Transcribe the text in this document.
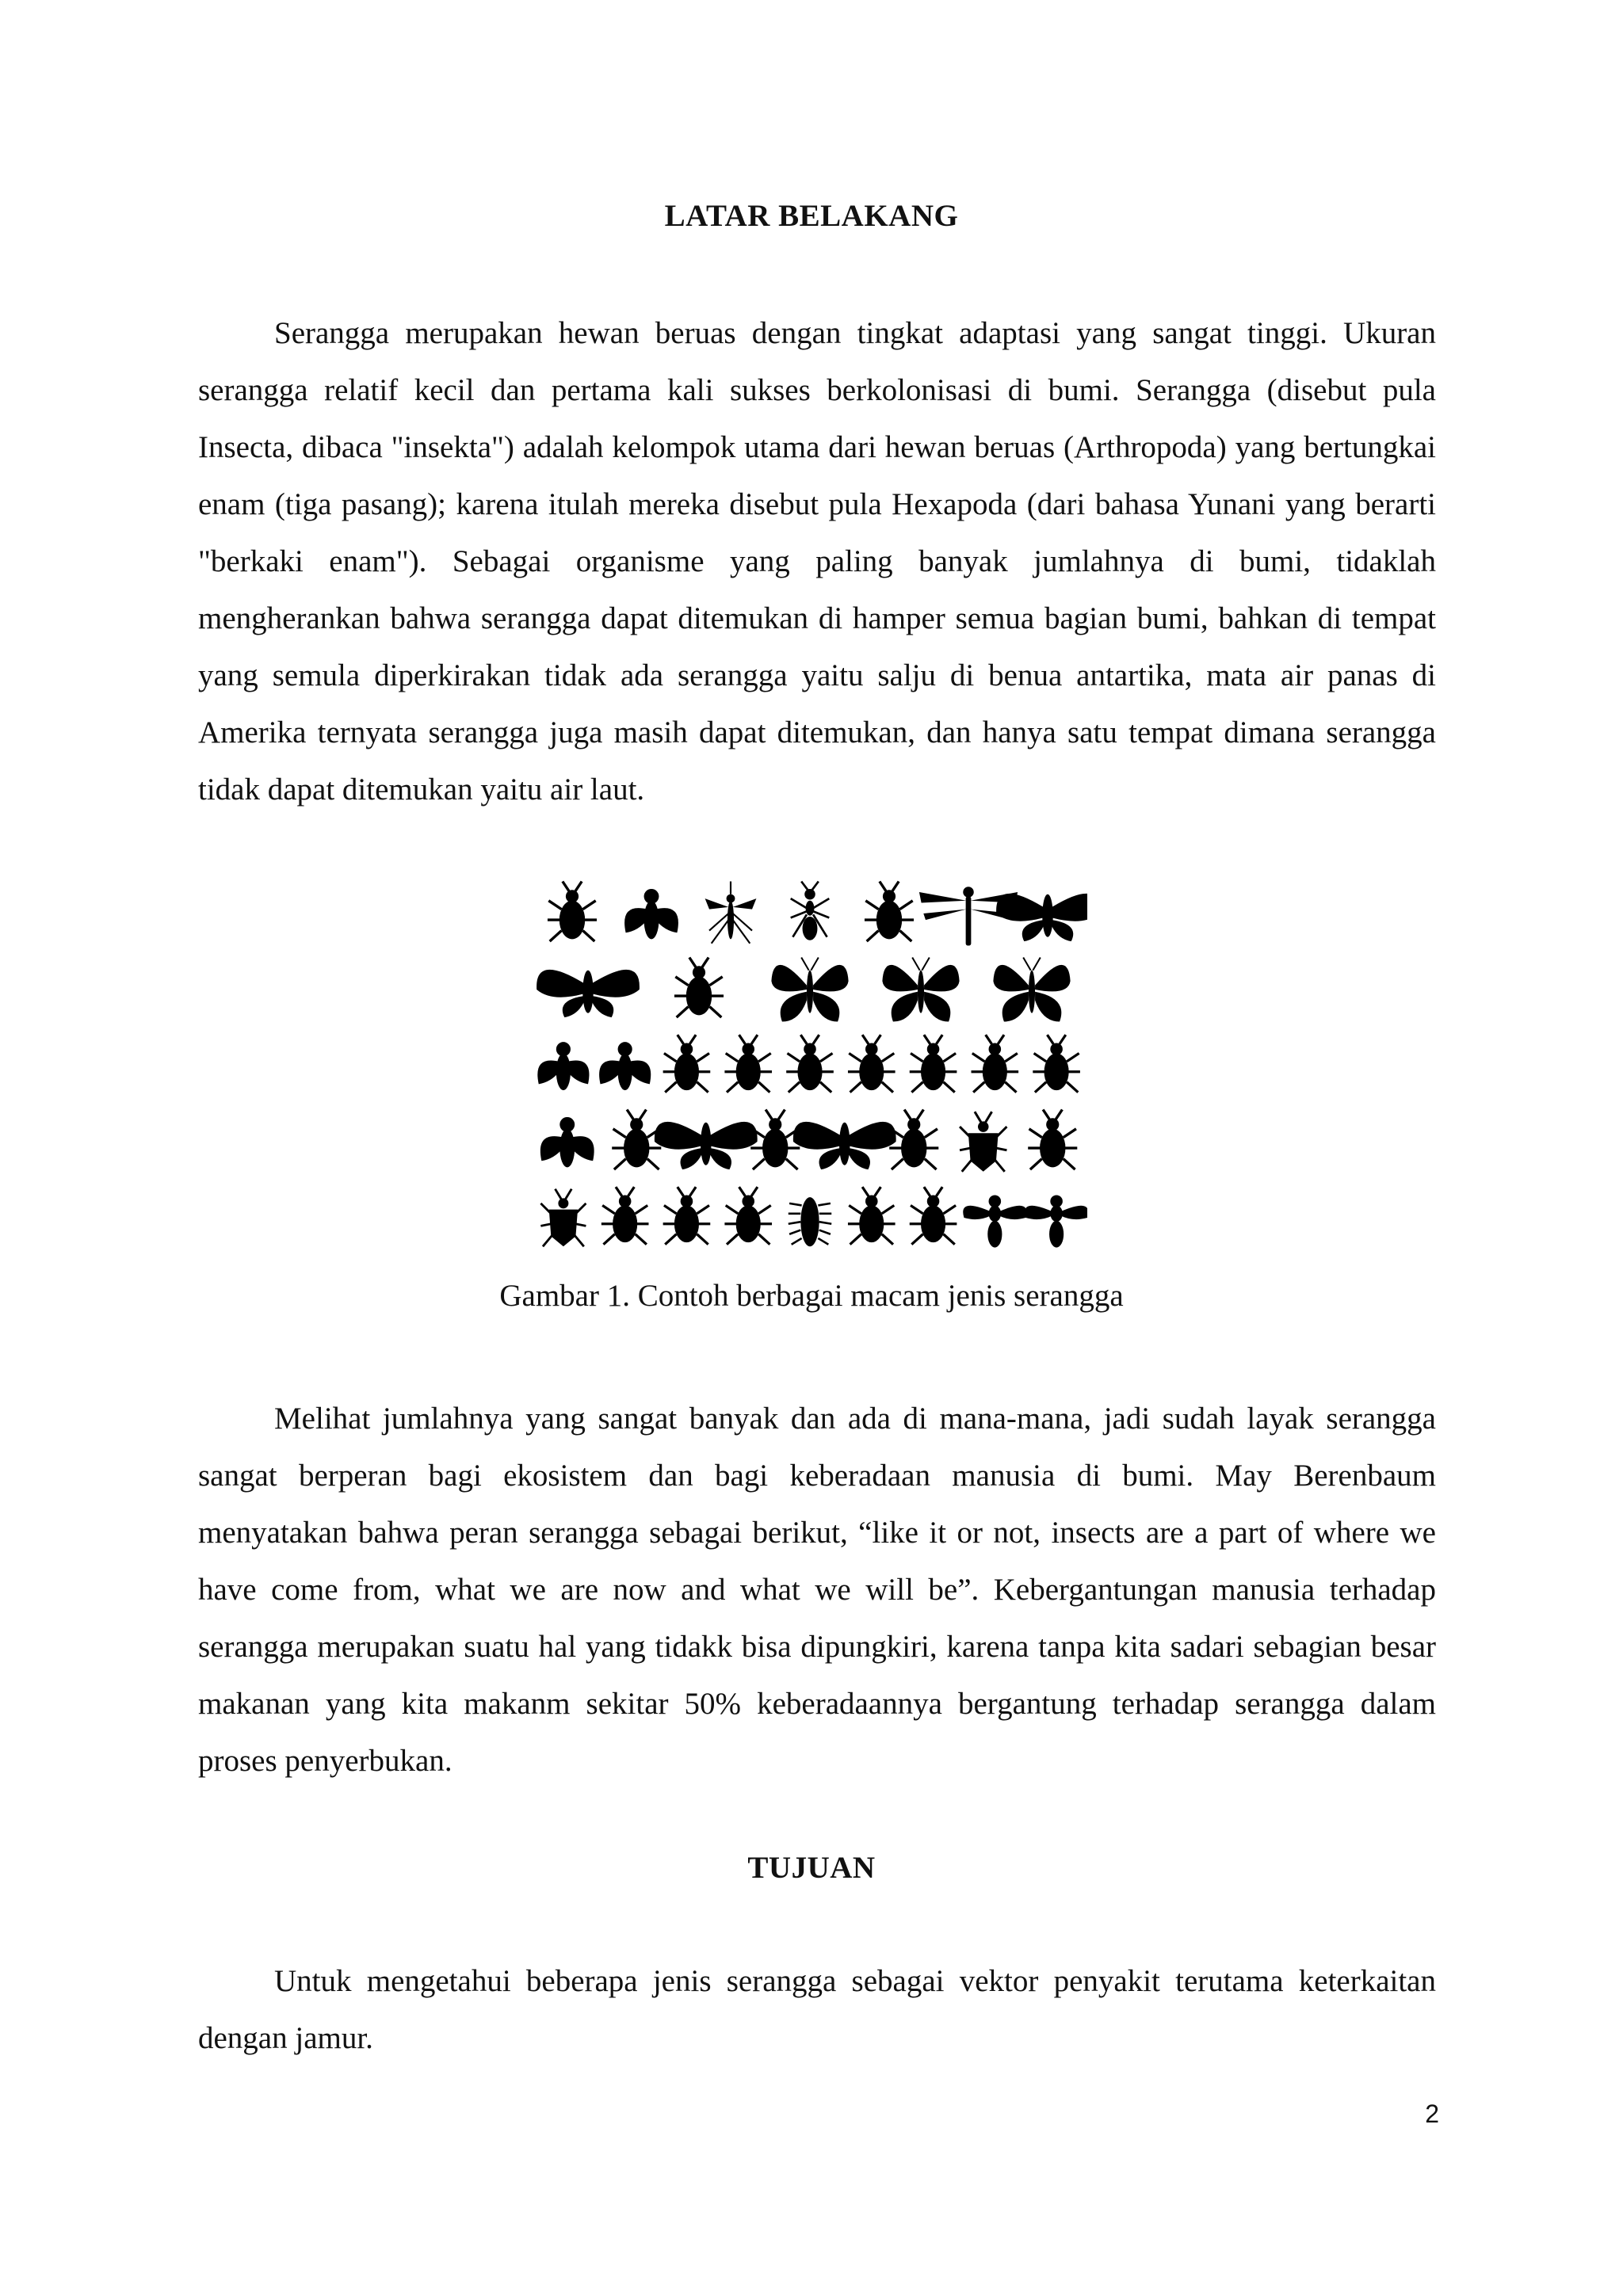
LATAR BELAKANG

Serangga merupakan hewan beruas dengan tingkat adaptasi yang sangat tinggi. Ukuran serangga relatif kecil dan pertama kali sukses berkolonisasi di bumi. Serangga (disebut pula Insecta, dibaca "insekta") adalah kelompok utama dari hewan beruas (Arthropoda) yang bertungkai enam (tiga pasang); karena itulah mereka disebut pula Hexapoda (dari bahasa Yunani yang berarti "berkaki enam"). Sebagai organisme yang paling banyak jumlahnya di bumi, tidaklah mengherankan bahwa serangga dapat ditemukan di hamper semua bagian bumi, bahkan di tempat yang semula diperkirakan tidak ada serangga yaitu salju di benua antartika, mata air panas di Amerika ternyata serangga juga masih dapat ditemukan, dan hanya satu tempat dimana serangga tidak dapat ditemukan yaitu air laut.

Gambar 1. Contoh berbagai macam jenis serangga

Melihat jumlahnya yang sangat banyak dan ada di mana-mana, jadi sudah layak serangga sangat berperan bagi ekosistem dan bagi keberadaan manusia di bumi. May Berenbaum menyatakan bahwa peran serangga sebagai berikut, “like it or not, insects are a part of where we have come from, what we are now and what we will be”. Kebergantungan manusia terhadap serangga merupakan suatu hal yang tidakk bisa dipungkiri, karena tanpa kita sadari sebagian besar makanan yang kita makanm sekitar 50% keberadaannya bergantung terhadap serangga dalam proses penyerbukan.

TUJUAN

Untuk mengetahui beberapa jenis serangga sebagai vektor penyakit terutama keterkaitan dengan jamur.

2
